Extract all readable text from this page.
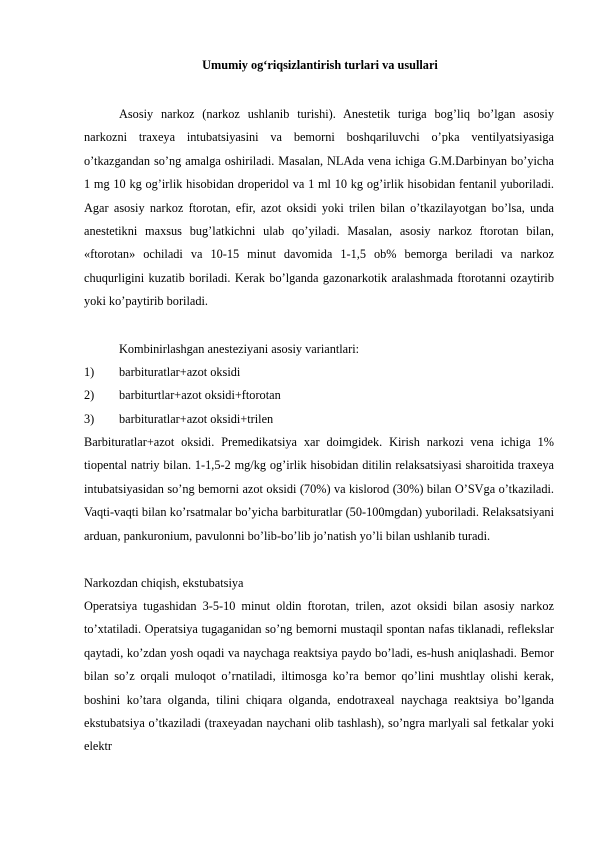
Umumiy og‘riqsizlantirish turlari va usullari

Asosiy narkoz (narkoz ushlanib turishi). Anestetik turiga bog’liq bo’lgan asosiy narkozni traxeya intubatsiyasini va bemorni boshqariluvchi o’pka ventilyatsiyasiga o’tkazgandan so’ng amalga oshiriladi. Masalan, NLAda vena ichiga G.M.Darbinyan bo’yicha 1 mg 10 kg og’irlik hisobidan droperidol va 1 ml 10 kg og’irlik hisobidan fentanil yuboriladi. Agar asosiy narkoz ftorotan, efir, azot oksidi yoki trilen bilan o’tkazilayotgan bo’lsa, unda anestetikni maxsus bug’latkichni ulab qo’yiladi. Masalan, asosiy narkoz ftorotan bilan, «ftorotan» ochiladi va 10-15 minut davomida 1-1,5 ob% bemorga beriladi va narkoz chuqurligini kuzatib boriladi. Kerak bo’lganda gazonarkotik aralashmada ftorotanni ozaytirib yoki ko’paytirib boriladi.

Kombinirlashgan anesteziyani asosiy variantlari:

1) barbituratlar+azot oksidi
2) barbiturtlar+azot oksidi+ftorotan
3) barbituratlar+azot oksidi+trilen

Barbituratlar+azot oksidi. Premedikatsiya xar doimgidek. Kirish narkozi vena ichiga 1% tiopental natriy bilan. 1-1,5-2 mg/kg og’irlik hisobidan ditilin relaksatsiyasi sharoitida traxeya intubatsiyasidan so’ng bemorni azot oksidi (70%) va kislorod (30%) bilan O’SVga o’tkaziladi. Vaqti-vaqti bilan ko’rsatmalar bo’yicha barbituratlar (50-100mgdan) yuboriladi. Relaksatsiyani arduan, pankuronium, pavulonni bo’lib-bo’lib jo’natish yo’li bilan ushlanib turadi.

Narkozdan chiqish, ekstubatsiya

Operatsiya tugashidan 3-5-10 minut oldin ftorotan, trilen, azot oksidi bilan asosiy narkoz to’xtatiladi. Operatsiya tugaganidan so’ng bemorni mustaqil spontan nafas tiklanadi, reflekslar qaytadi, ko’zdan yosh oqadi va naychaga reaktsiya paydo bo’ladi, es-hush aniqlashadi. Bemor bilan so’z orqali muloqot o’rnatiladi, iltimosga ko’ra bemor qo’lini mushtlay olishi kerak, boshini ko’tara olganda, tilini chiqara olganda, endotraxeal naychaga reaktsiya bo’lganda ekstubatsiya o’tkaziladi (traxeyadan naychani olib tashlash), so’ngra marlyali sal fetkalar yoki elektr
